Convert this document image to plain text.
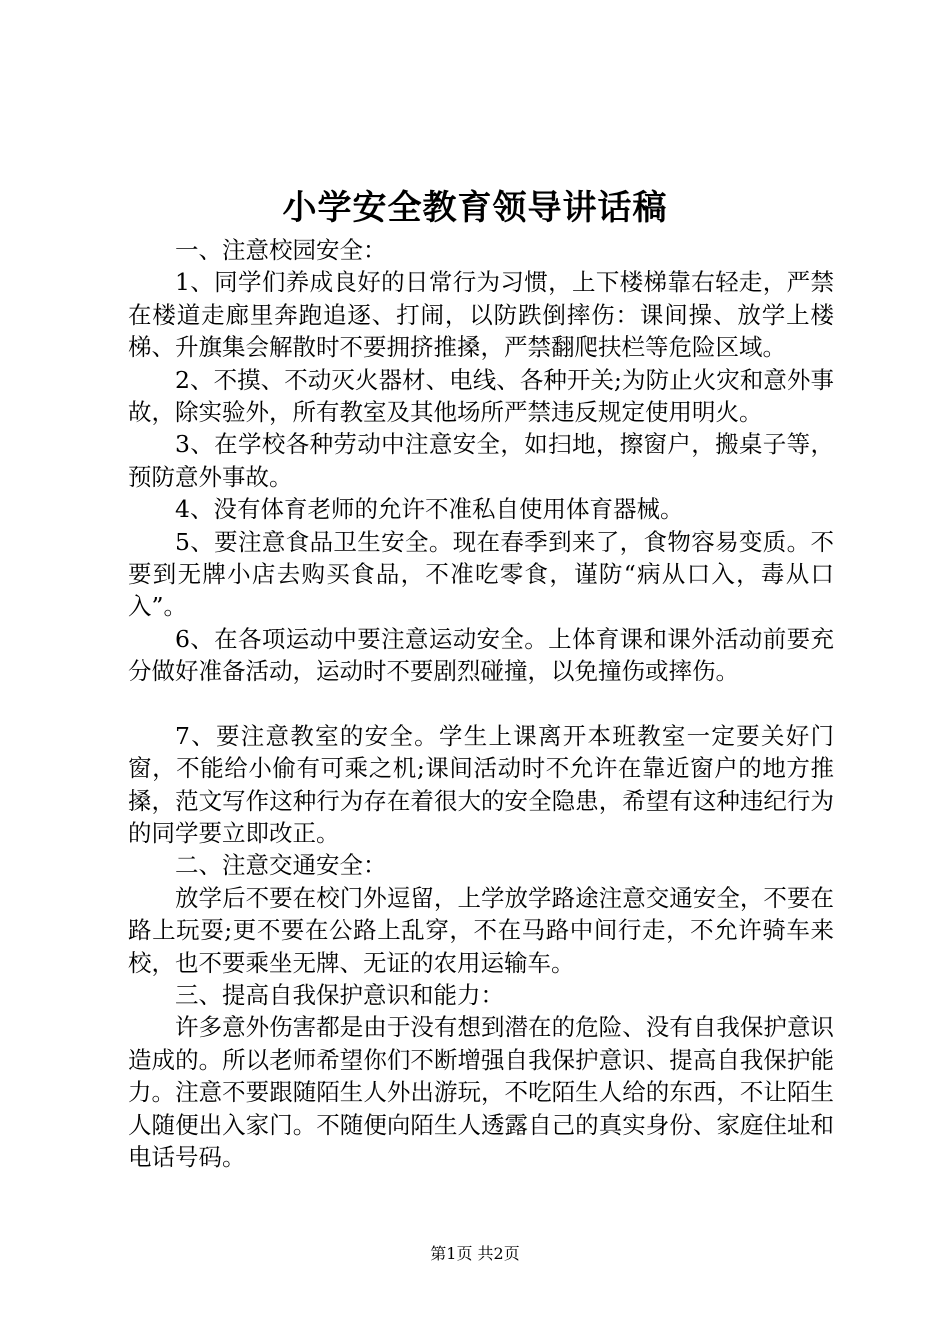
小学安全教育领导讲话稿

一、注意校园安全：

1、同学们养成良好的日常行为习惯，上下楼梯靠右轻走，严禁在楼道走廊里奔跑追逐、打闹，以防跌倒摔伤：课间操、放学上楼梯、升旗集会解散时不要拥挤推搡，严禁翻爬扶栏等危险区域。

2、不摸、不动灭火器材、电线、各种开关;为防止火灾和意外事故，除实验外，所有教室及其他场所严禁违反规定使用明火。

3、在学校各种劳动中注意安全，如扫地，擦窗户，搬桌子等，预防意外事故。

4、没有体育老师的允许不准私自使用体育器械。

5、要注意食品卫生安全。现在春季到来了，食物容易变质。不要到无牌小店去购买食品，不准吃零食，谨防“病从口入，毒从口入”。

6、在各项运动中要注意运动安全。上体育课和课外活动前要充分做好准备活动，运动时不要剧烈碰撞，以免撞伤或摔伤。

7、要注意教室的安全。学生上课离开本班教室一定要关好门窗，不能给小偷有可乘之机;课间活动时不允许在靠近窗户的地方推搡，范文写作这种行为存在着很大的安全隐患，希望有这种违纪行为的同学要立即改正。

二、注意交通安全：

放学后不要在校门外逗留，上学放学路途注意交通安全，不要在路上玩耍;更不要在公路上乱穿，不在马路中间行走，不允许骑车来校，也不要乘坐无牌、无证的农用运输车。

三、提高自我保护意识和能力：

许多意外伤害都是由于没有想到潜在的危险、没有自我保护意识造成的。所以老师希望你们不断增强自我保护意识、提高自我保护能力。注意不要跟随陌生人外出游玩，不吃陌生人给的东西，不让陌生人随便出入家门。不随便向陌生人透露自己的真实身份、家庭住址和电话号码。

第1页 共2页
